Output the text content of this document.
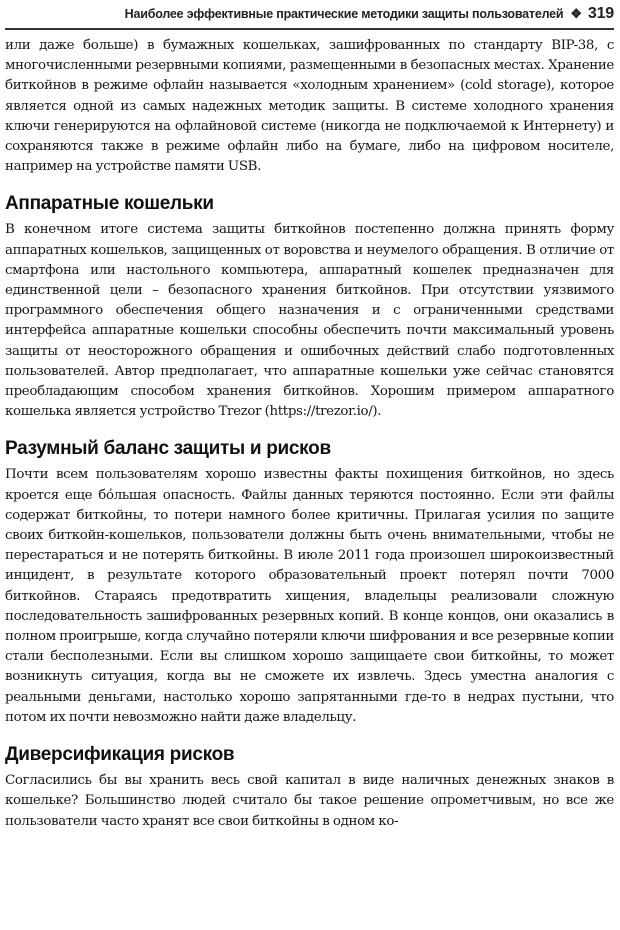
Наиболее эффективные практические методики защиты пользователей ❖ 319

или даже больше) в бумажных кошельках, зашифрованных по стандарту BIP-38, с многочисленными резервными копиями, размещенными в безопасных местах. Хранение биткойнов в режиме офлайн называется «холодным хранением» (cold storage), которое является одной из самых надежных методик защиты. В системе холодного хранения ключи генерируются на офлайновой системе (никогда не подключаемой к Интернету) и сохраняются также в режиме офлайн либо на бумаге, либо на цифровом носителе, например на устройстве памяти USB.

Аппаратные кошельки

В конечном итоге система защиты биткойнов постепенно должна принять форму аппаратных кошельков, защищенных от воровства и неумелого обращения. В отличие от смартфона или настольного компьютера, аппаратный кошелек предназначен для единственной цели – безопасного хранения биткойнов. При отсутствии уязвимого программного обеспечения общего назначения и с ограниченными средствами интерфейса аппаратные кошельки способны обеспечить почти максимальный уровень защиты от неосторожного обращения и ошибочных действий слабо подготовленных пользователей. Автор предполагает, что аппаратные кошельки уже сейчас становятся преобладающим способом хранения биткойнов. Хорошим примером аппаратного кошелька является устройство Trezor (https://trezor.io/).

Разумный баланс защиты и рисков

Почти всем пользователям хорошо известны факты похищения биткойнов, но здесь кроется еще бо́льшая опасность. Файлы данных теряются постоянно. Если эти файлы содержат биткойны, то потери намного более критичны. Прилагая усилия по защите своих биткойн-кошельков, пользователи должны быть очень внимательными, чтобы не перестараться и не потерять биткойны. В июле 2011 года произошел широкоизвестный инцидент, в результате которого образовательный проект потерял почти 7000 биткойнов. Стараясь предотвратить хищения, владельцы реализовали сложную последовательность зашифрованных резервных копий. В конце концов, они оказались в полном проигрыше, когда случайно потеряли ключи шифрования и все резервные копии стали бесполезными. Если вы слишком хорошо защищаете свои биткойны, то может возникнуть ситуация, когда вы не сможете их извлечь. Здесь уместна аналогия с реальными деньгами, настолько хорошо запрятанными где-то в недрах пустыни, что потом их почти невозможно найти даже владельцу.

Диверсификация рисков

Согласились бы вы хранить весь свой капитал в виде наличных денежных знаков в кошельке? Большинство людей считало бы такое решение опрометчивым, но все же пользователи часто хранят все свои биткойны в одном ко-
